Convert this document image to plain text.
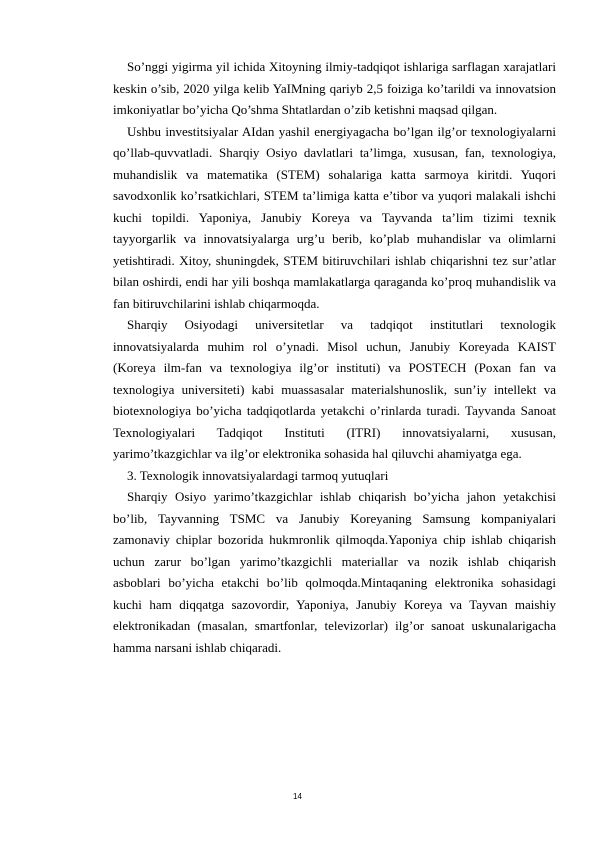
So’nggi yigirma yil ichida Xitoyning ilmiy-tadqiqot ishlariga sarflagan xarajatlari keskin o’sib, 2020 yilga kelib YaIMning qariyb 2,5 foiziga ko’tarildi va innovatsion imkoniyatlar bo’yicha Qo’shma Shtatlardan o’zib ketishni maqsad qilgan.

Ushbu investitsiyalar AIdan yashil energiyagacha bo’lgan ilg’or texnologiyalarni qo’llab-quvvatladi. Sharqiy Osiyo davlatlari ta’limga, xususan, fan, texnologiya, muhandislik va matematika (STEM) sohalariga katta sarmoya kiritdi. Yuqori savodxonlik ko’rsatkichlari, STEM ta’limiga katta e’tibor va yuqori malakali ishchi kuchi topildi. Yaponiya, Janubiy Koreya va Tayvanda ta’lim tizimi texnik tayyorgarlik va innovatsiyalarga urg’u berib, ko’plab muhandislar va olimlarni yetishtiradi. Xitoy, shuningdek, STEM bitiruvchilari ishlab chiqarishni tez sur’atlar bilan oshirdi, endi har yili boshqa mamlakatlarga qaraganda ko’proq muhandislik va fan bitiruvchilarini ishlab chiqarmoqda.

Sharqiy Osiyodagi universitetlar va tadqiqot institutlari texnologik innovatsiyalarda muhim rol o’ynadi. Misol uchun, Janubiy Koreyada KAIST (Koreya ilm-fan va texnologiya ilg’or instituti) va POSTECH (Poxan fan va texnologiya universiteti) kabi muassasalar materialshunoslik, sun’iy intellekt va biotexnologiya bo’yicha tadqiqotlarda yetakchi o’rinlarda turadi. Tayvanda Sanoat Texnologiyalari Tadqiqot Instituti (ITRI) innovatsiyalarni, xususan, yarimo’tkazgichlar va ilg’or elektronika sohasida hal qiluvchi ahamiyatga ega.

3. Texnologik innovatsiyalardagi tarmoq yutuqlari

Sharqiy Osiyo yarimo’tkazgichlar ishlab chiqarish bo’yicha jahon yetakchisi bo’lib, Tayvanning TSMC va Janubiy Koreyaning Samsung kompaniyalari zamonaviy chiplar bozorida hukmronlik qilmoqda.Yaponiya chip ishlab chiqarish uchun zarur bo’lgan yarimo’tkazgichli materiallar va nozik ishlab chiqarish asboblari bo’yicha etakchi bo’lib qolmoqda.Mintaqaning elektronika sohasidagi kuchi ham diqqatga sazovordir, Yaponiya, Janubiy Koreya va Tayvan maishiy elektronikadan (masalan, smartfonlar, televizorlar) ilg’or sanoat uskunalarigacha hamma narsani ishlab chiqaradi.

14
